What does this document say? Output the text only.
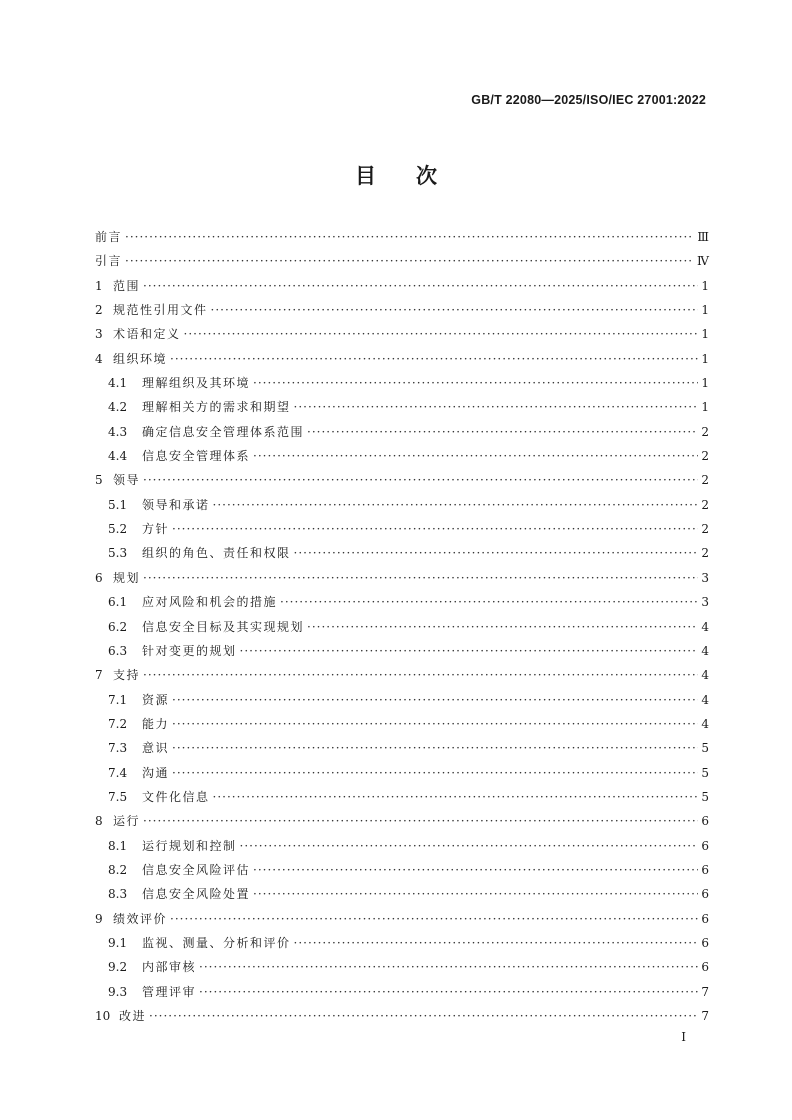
GB/T 22080—2025/ISO/IEC 27001:2022
目次
前言 ·····	Ⅲ
引言 ·····	Ⅳ
1 范围 ·····	1
2 规范性引用文件 ·····	1
3 术语和定义 ·····	1
4 组织环境 ·····	1
4.1	理解组织及其环境 ·····	1
4.2	理解相关方的需求和期望 ·····	1
4.3	确定信息安全管理体系范围 ·····	2
4.4	信息安全管理体系 ·····	2
5 领导 ·····	2
5.1	领导和承诺 ·····	2
5.2	方针 ·····	2
5.3	组织的角色、责任和权限 ·····	2
6 规划 ·····	3
6.1	应对风险和机会的措施 ·····	3
6.2	信息安全目标及其实现规划 ·····	4
6.3	针对变更的规划 ·····	4
7 支持 ·····	4
7.1	资源 ·····	4
7.2	能力 ·····	4
7.3	意识 ·····	5
7.4	沟通 ·····	5
7.5	文件化信息 ·····	5
8 运行 ·····	6
8.1	运行规划和控制 ·····	6
8.2	信息安全风险评估 ·····	6
8.3	信息安全风险处置 ·····	6
9 绩效评价 ·····	6
9.1	监视、测量、分析和评价 ·····	6
9.2	内部审核 ·····	6
9.3	管理评审 ·····	7
10 改进 ·····	7
I
